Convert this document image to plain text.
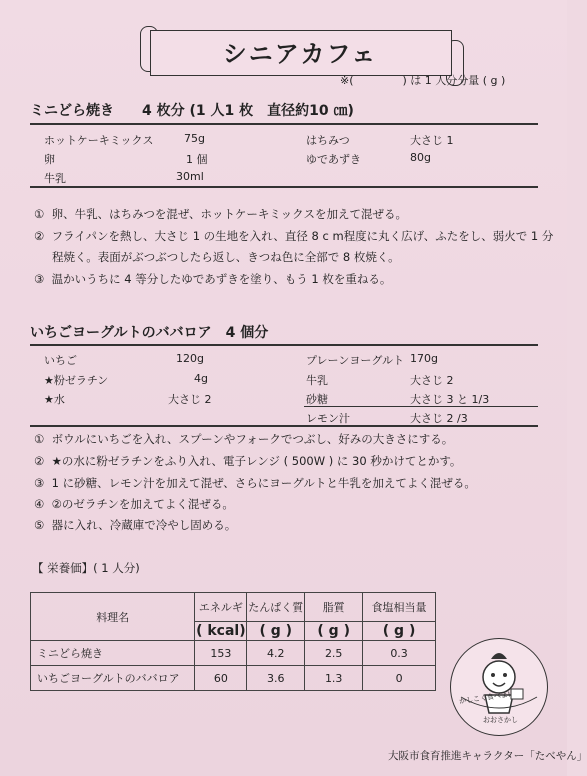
シニアカフェ
※(              ) は 1 人分分量 ( g )
ミニどら焼き　　4 枚分 (1 人1 枚　直径約10 ㎝)
ホットケーキミックス	75g
卵	1 個
牛乳	30ml
はちみつ	大さじ 1
ゆであずき	80g
①  卵、牛乳、はちみつを混ぜ、ホットケーキミックスを加えて混ぜる。
②  フライパンを熱し、大さじ 1 の生地を入れ、直径 8 c m程度に丸く広げ、ふたをし、弱火で 1 分
程焼く。表面がぶつぶつしたら返し、きつね色に全部で 8 枚焼く。
③  温かいうちに 4 等分したゆであずきを塗り、もう 1 枚を重ねる。
いちごヨーグルトのババロア　4 個分
いちご	120g
★粉ゼラチン	4g
★水	大さじ 2
プレーンヨーグルト 170g
牛乳	大さじ 2
砂糖	大さじ 3 と 1/3
レモン汁	大さじ 2 /3
①  ボウルにいちごを入れ、スプーンやフォークでつぶし、好みの大きさにする。
②  ★の水に粉ゼラチンをふり入れ、電子レンジ ( 500W ) に 30 秒かけてとかす。
③  1 に砂糖、レモン汁を加えて混ぜ、さらにヨーグルトと牛乳を加えてよく混ぜる。
④  ②のゼラチンを加えてよく混ぜる。
⑤  器に入れ、冷蔵庫で冷やし固める。
【 栄養価】( 1 人分)
料理名	エネルギ	たんぱく質	脂質	食塩相当量
	( kcal)	( g )	( g )	( g )
ミニどら焼き	153	4.2	2.5	0.3
いちごヨーグルトのババロア	60	3.6	1.3	0
かしこく食べよ!
おおさかし
大阪市食育推進キャラクター「たべやん」
